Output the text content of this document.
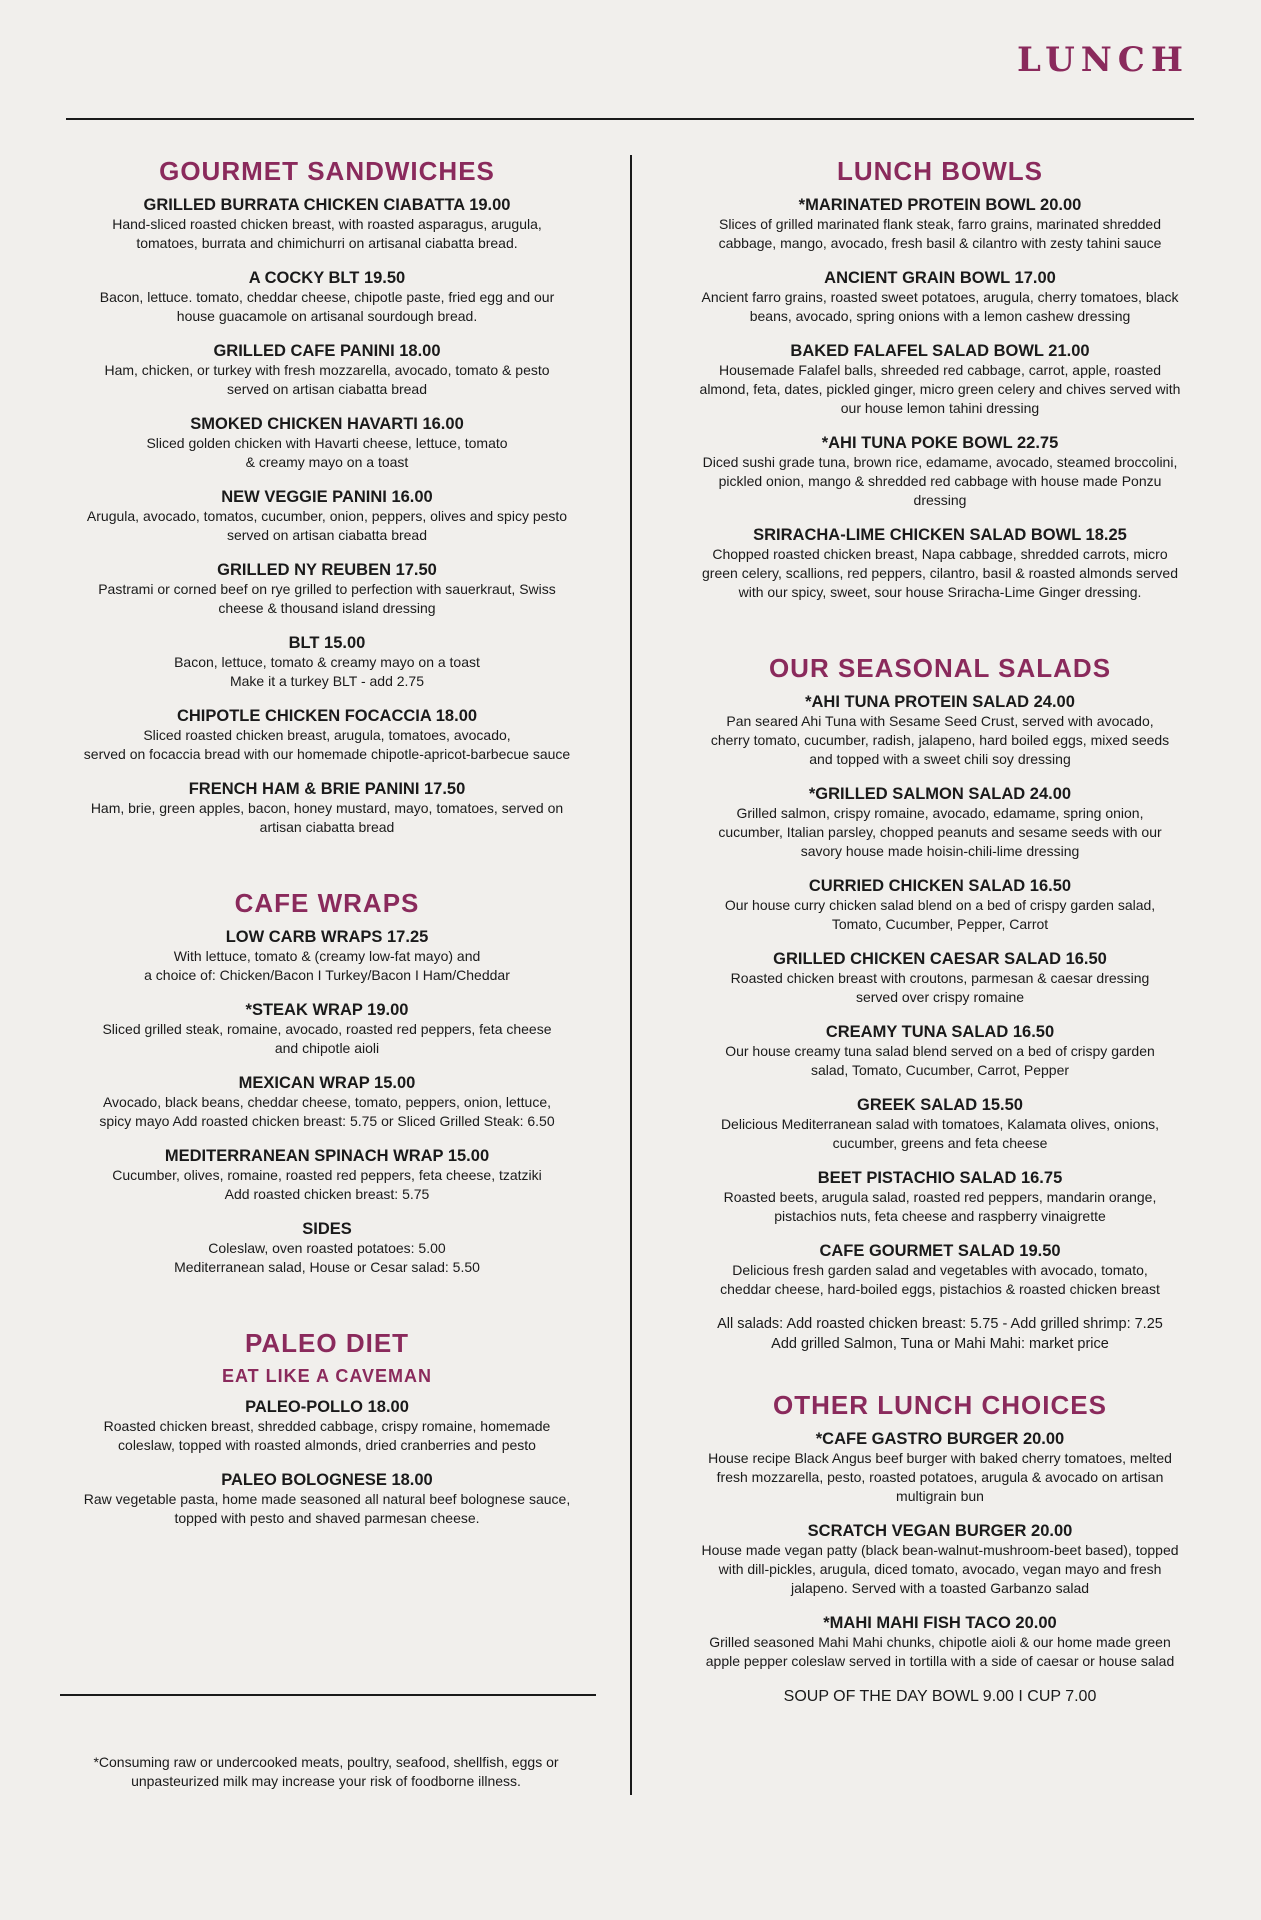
LUNCH
GOURMET SANDWICHES
GRILLED BURRATA CHICKEN CIABATTA 19.00
Hand-sliced roasted chicken breast, with roasted asparagus, arugula,
tomatoes, burrata and chimichurri on artisanal ciabatta bread.
A COCKY BLT 19.50
Bacon, lettuce. tomato, cheddar cheese, chipotle paste, fried egg and our
house guacamole on artisanal sourdough bread.
GRILLED CAFE PANINI 18.00
Ham, chicken, or turkey with fresh mozzarella, avocado, tomato & pesto
served on artisan ciabatta bread
SMOKED CHICKEN HAVARTI 16.00
Sliced golden chicken with Havarti cheese, lettuce, tomato
& creamy mayo on a toast
NEW VEGGIE PANINI 16.00
Arugula, avocado, tomatos, cucumber, onion, peppers, olives and spicy pesto
served on artisan ciabatta bread
GRILLED NY REUBEN 17.50
Pastrami or corned beef on rye grilled to perfection with sauerkraut, Swiss
cheese & thousand island dressing
BLT 15.00
Bacon, lettuce, tomato & creamy mayo on a toast
Make it a turkey BLT - add 2.75
CHIPOTLE CHICKEN FOCACCIA 18.00
Sliced roasted chicken breast, arugula, tomatoes, avocado,
served on focaccia bread with our homemade chipotle-apricot-barbecue sauce
FRENCH HAM & BRIE PANINI 17.50
Ham, brie, green apples, bacon, honey mustard, mayo, tomatoes, served on
artisan ciabatta bread
CAFE WRAPS
LOW CARB WRAPS 17.25
With lettuce, tomato & (creamy low-fat mayo) and
a choice of: Chicken/Bacon I Turkey/Bacon I Ham/Cheddar
*STEAK WRAP 19.00
Sliced grilled steak, romaine, avocado, roasted red peppers, feta cheese
and chipotle aioli
MEXICAN WRAP 15.00
Avocado, black beans, cheddar cheese, tomato, peppers, onion, lettuce,
spicy mayo Add roasted chicken breast: 5.75 or Sliced Grilled Steak: 6.50
MEDITERRANEAN SPINACH WRAP 15.00
Cucumber, olives, romaine, roasted red peppers, feta cheese, tzatziki
Add roasted chicken breast: 5.75
SIDES
Coleslaw, oven roasted potatoes: 5.00
Mediterranean salad, House or Cesar salad: 5.50
PALEO DIET
EAT LIKE A CAVEMAN
PALEO-POLLO 18.00
Roasted chicken breast, shredded cabbage, crispy romaine, homemade
coleslaw, topped with roasted almonds, dried cranberries and pesto
PALEO BOLOGNESE 18.00
Raw vegetable pasta, home made seasoned all natural beef bolognese sauce,
topped with pesto and shaved parmesan cheese.
*Consuming raw or undercooked meats, poultry, seafood, shellfish, eggs or
unpasteurized milk may increase your risk of foodborne illness.
LUNCH BOWLS
*MARINATED PROTEIN BOWL 20.00
Slices of grilled marinated flank steak, farro grains, marinated shredded
cabbage, mango, avocado, fresh basil & cilantro with zesty tahini sauce
ANCIENT GRAIN BOWL 17.00
Ancient farro grains, roasted sweet potatoes, arugula, cherry tomatoes, black
beans, avocado, spring onions with a lemon cashew dressing
BAKED FALAFEL SALAD BOWL 21.00
Housemade Falafel balls, shreeded red cabbage, carrot, apple, roasted
almond, feta, dates, pickled ginger, micro green celery and chives served with
our house lemon tahini dressing
*AHI TUNA POKE BOWL 22.75
Diced sushi grade tuna, brown rice, edamame, avocado, steamed broccolini,
pickled onion, mango & shredded red cabbage with house made Ponzu
dressing
SRIRACHA-LIME CHICKEN SALAD BOWL 18.25
Chopped roasted chicken breast, Napa cabbage, shredded carrots, micro
green celery, scallions, red peppers, cilantro, basil & roasted almonds served
with our spicy, sweet, sour house Sriracha-Lime Ginger dressing.
OUR SEASONAL SALADS
*AHI TUNA PROTEIN SALAD 24.00
Pan seared Ahi Tuna with Sesame Seed Crust, served with avocado,
cherry tomato, cucumber, radish, jalapeno, hard boiled eggs, mixed seeds
and topped with a sweet chili soy dressing
*GRILLED SALMON SALAD 24.00
Grilled salmon, crispy romaine, avocado, edamame, spring onion,
cucumber, Italian parsley, chopped peanuts and sesame seeds with our
savory house made hoisin-chili-lime dressing
CURRIED CHICKEN SALAD 16.50
Our house curry chicken salad blend on a bed of crispy garden salad,
Tomato, Cucumber, Pepper, Carrot
GRILLED CHICKEN CAESAR SALAD 16.50
Roasted chicken breast with croutons, parmesan & caesar dressing
served over crispy romaine
CREAMY TUNA SALAD 16.50
Our house creamy tuna salad blend served on a bed of crispy garden
salad, Tomato, Cucumber, Carrot, Pepper
GREEK SALAD 15.50
Delicious Mediterranean salad with tomatoes, Kalamata olives, onions,
cucumber, greens and feta cheese
BEET PISTACHIO SALAD 16.75
Roasted beets, arugula salad, roasted red peppers, mandarin orange,
pistachios nuts, feta cheese and raspberry vinaigrette
CAFE GOURMET SALAD 19.50
Delicious fresh garden salad and vegetables with avocado, tomato,
cheddar cheese, hard-boiled eggs, pistachios & roasted chicken breast
All salads: Add roasted chicken breast: 5.75 - Add grilled shrimp: 7.25
Add grilled Salmon, Tuna or Mahi Mahi: market price
OTHER LUNCH CHOICES
*CAFE GASTRO BURGER 20.00
House recipe Black Angus beef burger with baked cherry tomatoes, melted
fresh mozzarella, pesto, roasted potatoes, arugula & avocado on artisan
multigrain bun
SCRATCH VEGAN BURGER 20.00
House made vegan patty (black bean-walnut-mushroom-beet based), topped
with dill-pickles, arugula, diced tomato, avocado, vegan mayo and fresh
jalapeno. Served with a toasted Garbanzo salad
*MAHI MAHI FISH TACO 20.00
Grilled seasoned Mahi Mahi chunks, chipotle aioli & our home made green
apple pepper coleslaw served in tortilla with a side of caesar or house salad
SOUP OF THE DAY BOWL 9.00 I CUP 7.00
